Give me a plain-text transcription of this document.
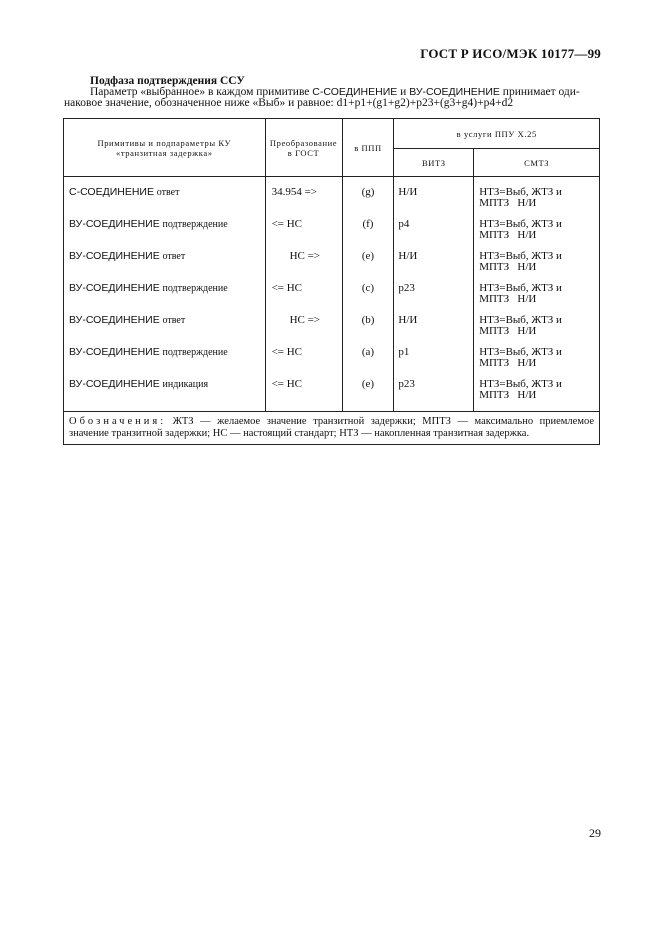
ГОСТ Р ИСО/МЭК 10177—99
Подфаза подтверждения ССУ

Параметр «выбранное» в каждом примитиве С-СОЕДИНЕНИЕ и ВУ-СОЕДИНЕНИЕ принимает оди-

наковое значение, обозначенное ниже «Выб» и равное: d1+p1+(g1+g2)+p23+(g3+g4)+p4+d2

Примитивы и подпараметры КУ «транзитная задержка»	Преобразование в ГОСТ	в ППП	в услуги ППУ Х.25	
			ВИТЗ	СМТЗ

С-СОЕДИНЕНИЕ ответ	34.954 =>	(g)	Н/И	НТЗ=Выб, ЖТЗ и
МПТЗ   Н/И

ВУ-СОЕДИНЕНИЕ подтверждение	<= НС	(f)	p4	НТЗ=Выб, ЖТЗ и
МПТЗ   Н/И

ВУ-СОЕДИНЕНИЕ ответ	НС =>	(e)	Н/И	НТЗ=Выб, ЖТЗ и
МПТЗ   Н/И

ВУ-СОЕДИНЕНИЕ подтверждение	<= НС	(c)	p23	НТЗ=Выб, ЖТЗ и
МПТЗ   Н/И

ВУ-СОЕДИНЕНИЕ ответ	НС =>	(b)	Н/И	НТЗ=Выб, ЖТЗ и
МПТЗ   Н/И

ВУ-СОЕДИНЕНИЕ подтверждение	<= НС	(a)	p1	НТЗ=Выб, ЖТЗ и
МПТЗ   Н/И

ВУ-СОЕДИНЕНИЕ индикация	<= НС	(e)	p23	НТЗ=Выб, ЖТЗ и
МПТЗ   Н/И

Обозначения: ЖТЗ — желаемое значение транзитной задержки; МПТЗ — максимально приемлемое значение транзитной задержки; НС — настоящий стандарт; НТЗ — накопленная транзитная задержка.				
29
